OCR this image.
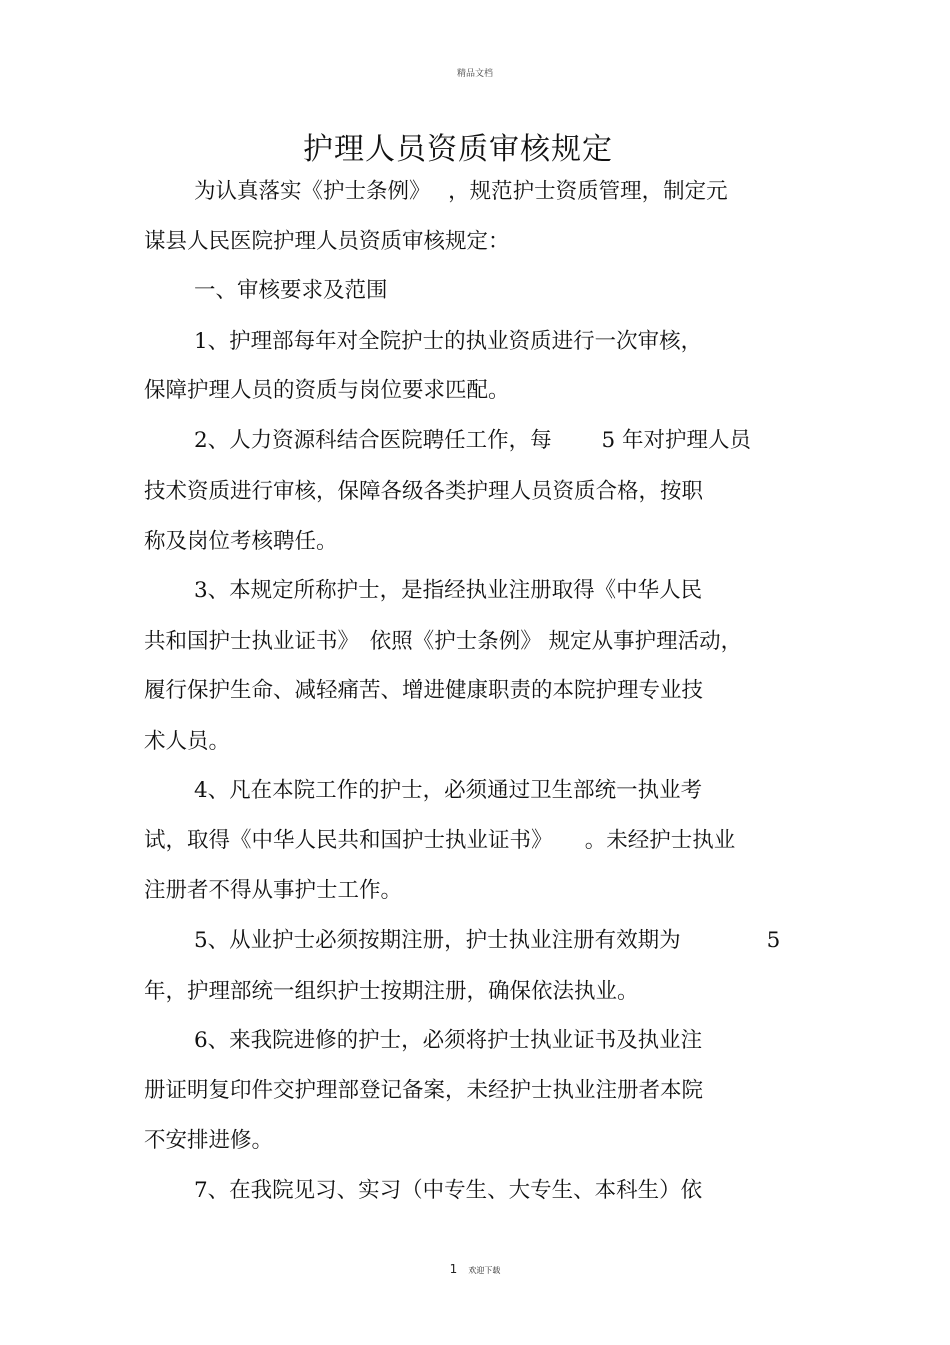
精品文档
护理人员资质审核规定
为认真落实《护士条例》　 ，规范护士资质管理，制定元
谋县人民医院护理人员资质审核规定：
一、审核要求及范围
1、护理部每年对全院护士的执业资质进行一次审核，
保障护理人员的资质与岗位要求匹配。
2、人力资源科结合医院聘任工作，每　　 5 年对护理人员
技术资质进行审核，保障各级各类护理人员资质合格，按职
称及岗位考核聘任。
3、本规定所称护士，是指经执业注册取得《中华人民
共和国护士执业证书》　依照《护士条例》 规定从事护理活动，
履行保护生命、减轻痛苦、增进健康职责的本院护理专业技
术人员。
4、凡在本院工作的护士，必须通过卫生部统一执业考
试，取得《中华人民共和国护士执业证书》　　。未经护士执业
注册者不得从事护士工作。
5、从业护士必须按期注册，护士执业注册有效期为　　　　5
年，护理部统一组织护士按期注册，确保依法执业。
6、来我院进修的护士，必须将护士执业证书及执业注
册证明复印件交护理部登记备案，未经护士执业注册者本院
不安排进修。
7、在我院见习、实习（中专生、大专生、本科生）依
1 欢迎下载
